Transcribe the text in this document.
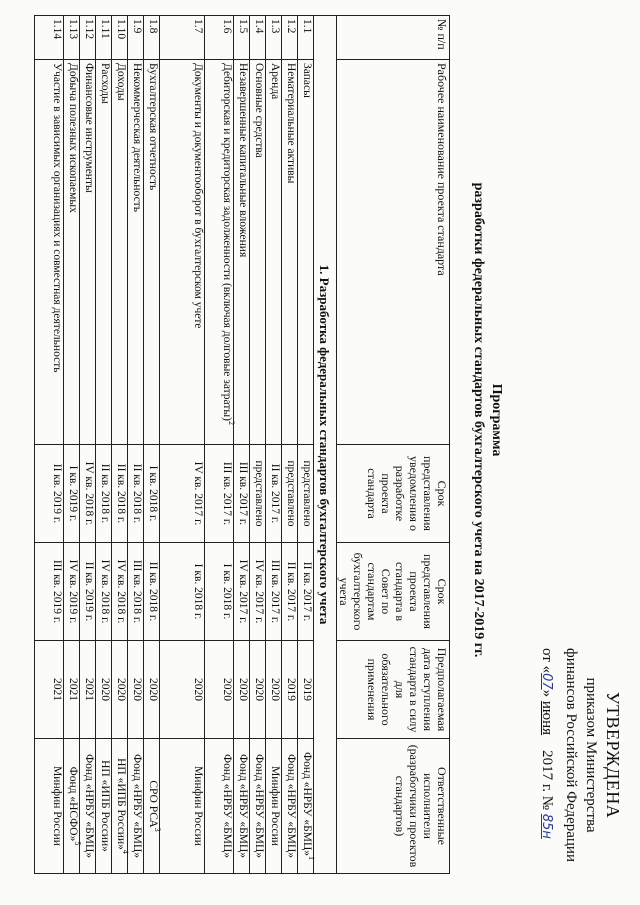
УТВЕРЖДЕНА
приказом Министерства
финансов Российской Федерации
от «07» июня    2017 г. № 85н
Программа
разработки федеральных стандартов бухгалтерского учета на 2017-2019 гг.
№ п/п	Рабочее наименование проекта стандарта	Срок представления уведомления о разработке проекта стандарта	Срок представления проекта стандарта в Совет по стандартам бухгалтерского учета	Предполагаемая дата вступления стандарта в силу для обязательного применения	Ответственные исполнители (разработчики проектов стандартов)
1. Разработка федеральных стандартов бухгалтерского учета					
1.1	Запасы	представлено	II кв. 2017 г.	2019	Фонд «НРБУ «БМЦ»$^1$
1.2	Нематериальные активы	представлено	II кв. 2017 г.	2019	Фонд «НРБУ «БМЦ»
1.3	Аренда	II кв. 2017 г.	III кв. 2017 г.	2020	Минфин России
1.4	Основные средства	представлено	IV кв. 2017 г.	2020	Фонд «НРБУ «БМЦ»
1.5	Незавершенные капитальные вложения	III кв. 2017 г.	IV кв. 2017 г.	2020	Фонд «НРБУ «БМЦ»
1.6	Дебиторская и кредиторская задолженности (включая долговые затраты)$^2$	III кв. 2017 г.	I кв. 2018 г.	2020	Фонд «НРБУ «БМЦ»
1.7	Документы и документооборот в бухгалтерском учете	IV кв. 2017 г.	I кв. 2018 г.	2020	Минфин России
1.8	Бухгалтерская отчетность	I кв. 2018 г.	II кв. 2018 г.	2020	СРО РСА$^3$
1.9	Некоммерческая деятельность	II кв. 2018 г.	III кв. 2018 г.	2020	Фонд «НРБУ «БМЦ»
1.10	Доходы	II кв. 2018 г.	IV кв. 2018 г.	2020	НП «ИПБ России»$^4$
1.11	Расходы	II кв. 2018 г.	IV кв. 2018 г.	2020	НП «ИПБ России»
1.12	Финансовые инструменты	IV кв. 2018 г.	II кв. 2019 г.	2021	Фонд «НРБУ «БМЦ»
1.13	Добыча полезных ископаемых	I кв. 2019 г.	IV кв. 2019 г.	2021	Фонд «НСФО»$^5$
1.14	Участие в зависимых организациях и совместная деятельность	II кв. 2019 г.	III кв. 2019 г.	2021	Минфин России
